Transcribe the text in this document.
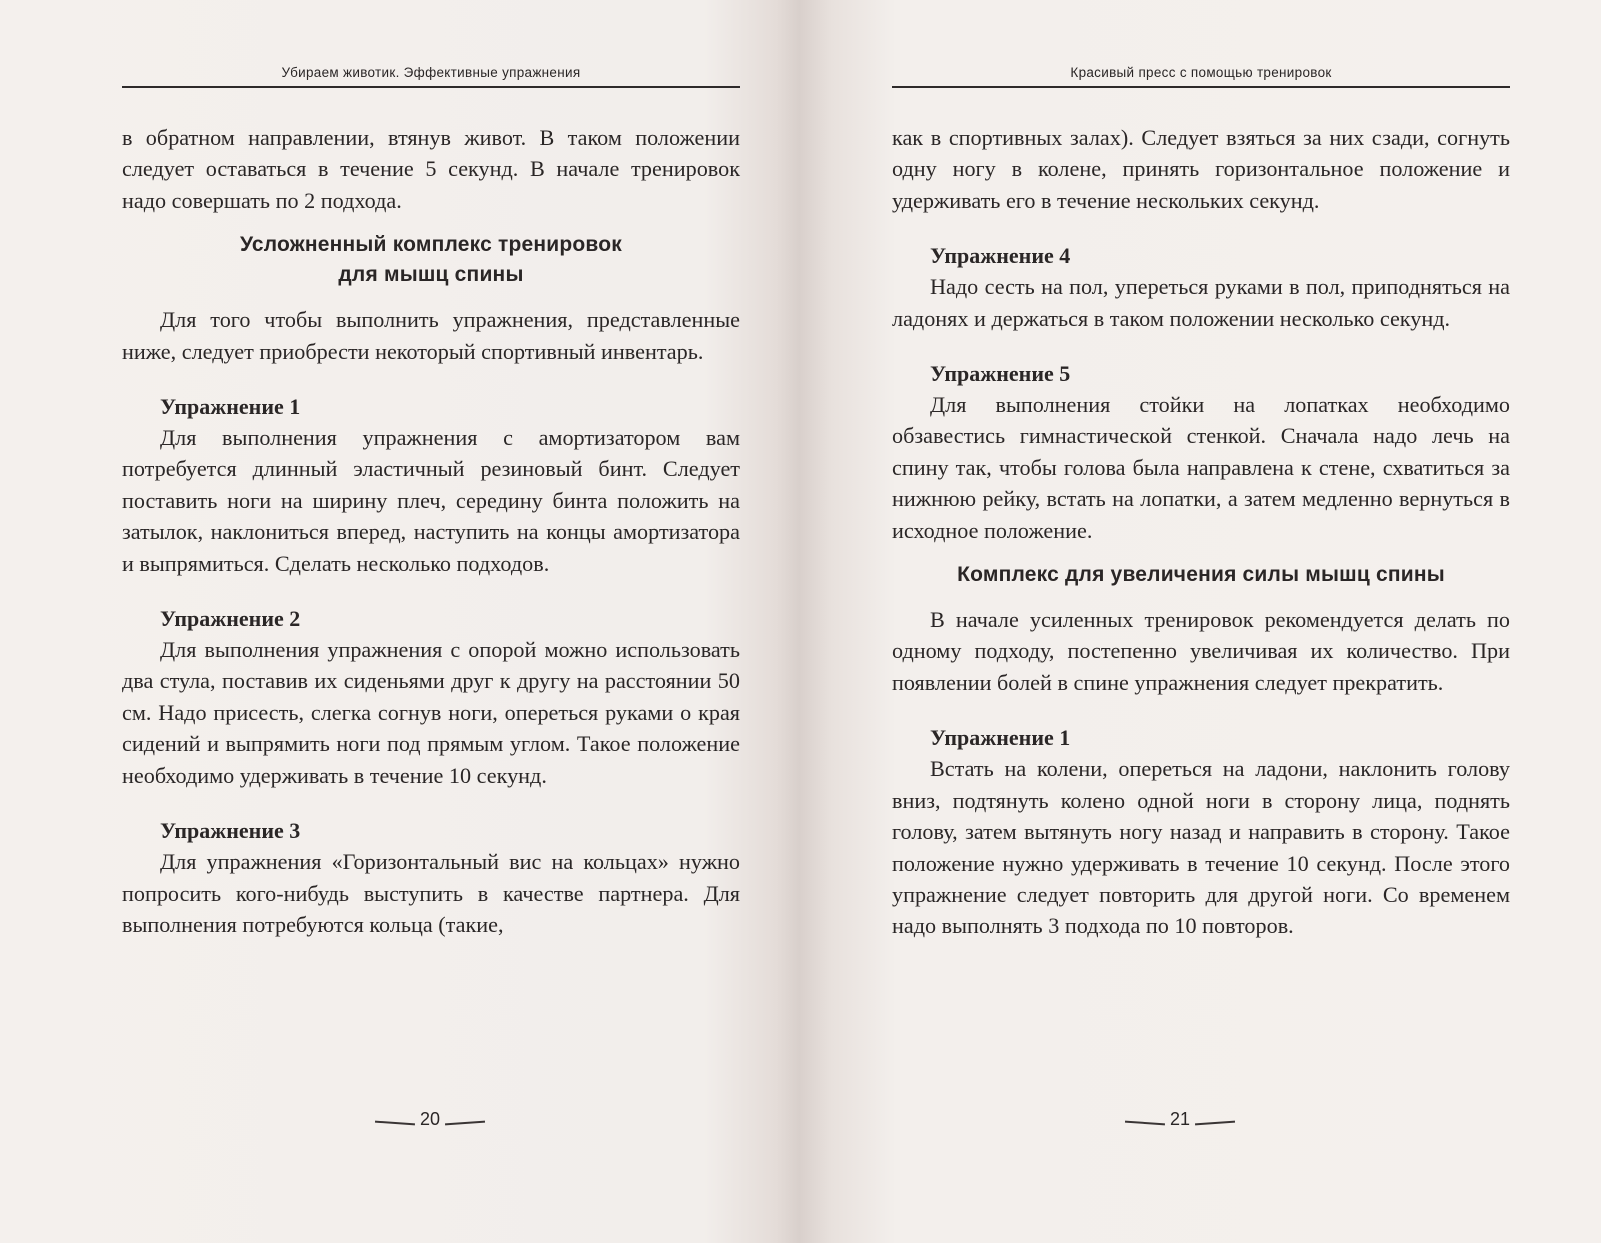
Убираем животик. Эффективные упражнения

в обратном направлении, втянув живот. В таком положении следует оставаться в течение 5 секунд. В начале тренировок надо совершать по 2 подхода.

Усложненный комплекс тренировок
для мышц спины

Для того чтобы выполнить упражнения, представленные ниже, следует приобрести некоторый спортивный инвентарь.

Упражнение 1

Для выполнения упражнения с амортизатором вам потребуется длинный эластичный резиновый бинт. Следует поставить ноги на ширину плеч, середину бинта положить на затылок, наклониться вперед, наступить на концы амортизатора и выпрямиться. Сделать несколько подходов.

Упражнение 2

Для выполнения упражнения с опорой можно использовать два стула, поставив их сиденьями друг к другу на расстоянии 50 см. Надо присесть, слегка согнув ноги, опереться руками о края сидений и выпрямить ноги под прямым углом. Такое положение необходимо удерживать в течение 10 секунд.

Упражнение 3

Для упражнения «Горизонтальный вис на кольцах» нужно попросить кого-нибудь выступить в качестве партнера. Для выполнения потребуются кольца (такие,

20
Красивый пресс с помощью тренировок

как в спортивных залах). Следует взяться за них сзади, согнуть одну ногу в колене, принять горизонтальное положение и удерживать его в течение нескольких секунд.

Упражнение 4

Надо сесть на пол, упереться руками в пол, приподняться на ладонях и держаться в таком положении несколько секунд.

Упражнение 5

Для выполнения стойки на лопатках необходимо обзавестись гимнастической стенкой. Сначала надо лечь на спину так, чтобы голова была направлена к стене, схватиться за нижнюю рейку, встать на лопатки, а затем медленно вернуться в исходное положение.

Комплекс для увеличения силы мышц спины

В начале усиленных тренировок рекомендуется делать по одному подходу, постепенно увеличивая их количество. При появлении болей в спине упражнения следует прекратить.

Упражнение 1

Встать на колени, опереться на ладони, наклонить голову вниз, подтянуть колено одной ноги в сторону лица, поднять голову, затем вытянуть ногу назад и направить в сторону. Такое положение нужно удерживать в течение 10 секунд. После этого упражнение следует повторить для другой ноги. Со временем надо выполнять 3 подхода по 10 повторов.

21
